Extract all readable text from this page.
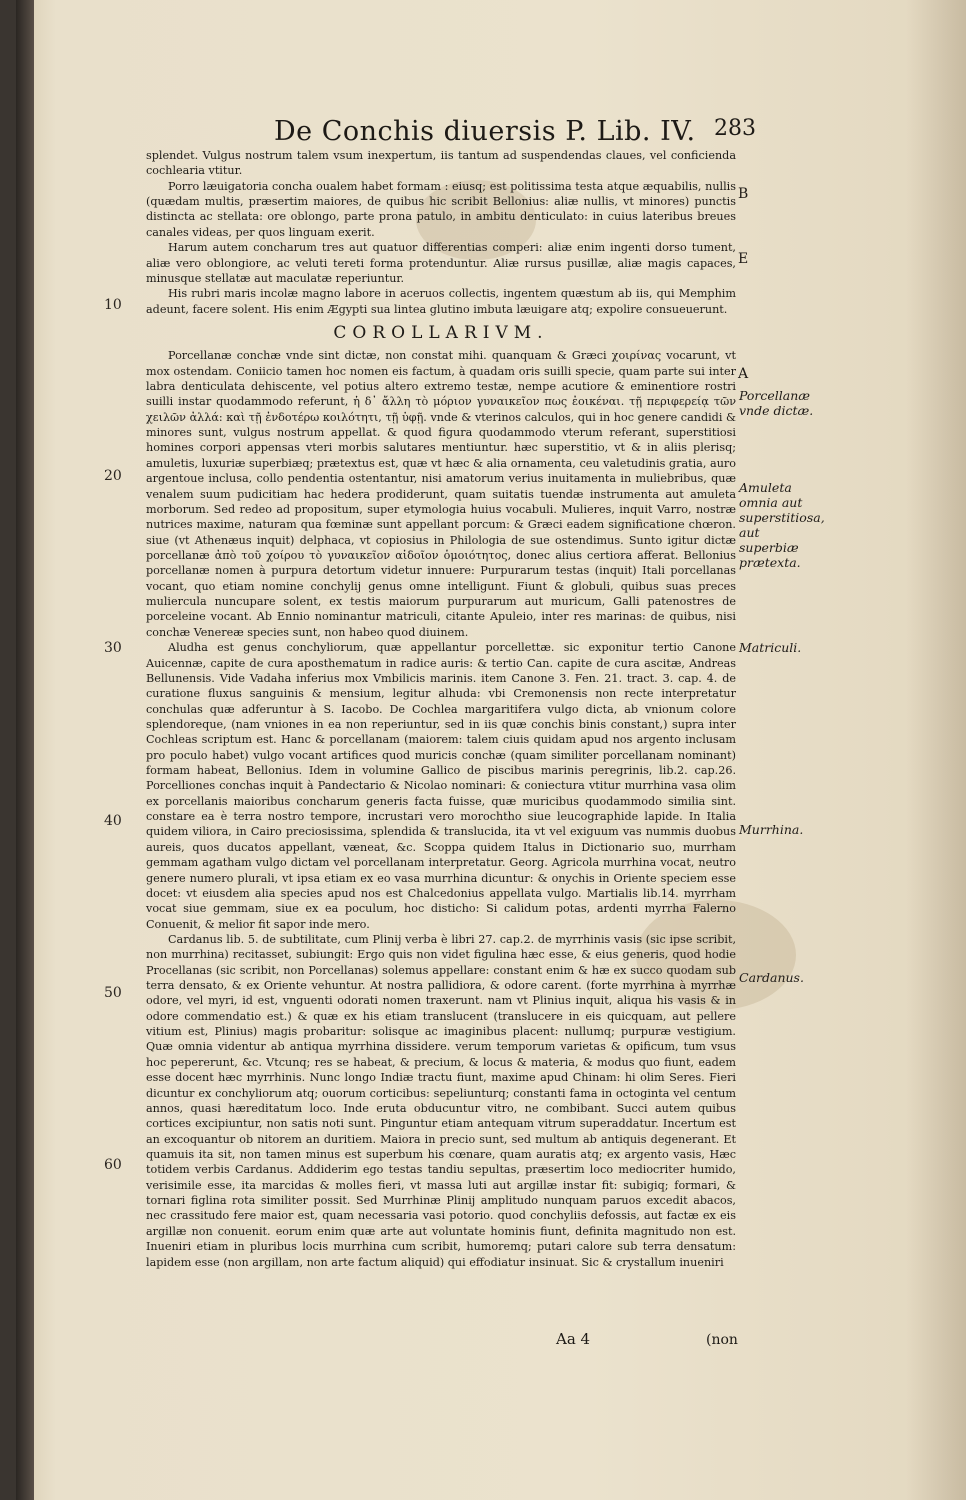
De Conchis diuersis P. Lib. IV. 283

splendet. Vulgus nostrum talem vsum inexpertum, iis tantum ad suspendendas claues, vel conficienda cochlearia vtitur.

Porro læuigatoria concha oualem habet formam : eiusq; est politissima testa atque æquabilis, nullis (quædam multis, præsertim maiores, de quibus hic scribit Bellonius: aliæ nullis, vt minores) punctis distincta ac stellata: ore oblongo, parte prona patulo, in ambitu denticulato: in cuius lateribus breues canales videas, per quos linguam exerit.

Harum autem concharum tres aut quatuor differentias comperi: aliæ enim ingenti dorso tument, aliæ vero oblongiore, ac veluti tereti forma protenduntur. Aliæ rursus pusillæ, aliæ magis capaces, minusque stellatæ aut maculatæ reperiuntur.

His rubri maris incolæ magno labore in aceruos collectis, ingentem quæstum ab iis, qui Memphim adeunt, facere solent. His enim Ægypti sua lintea glutino imbuta læuigare atq; expolire consueuerunt.

COROLLARIVM.

Porcellanæ conchæ vnde sint dictæ, non constat mihi. quanquam & Græci χοιρίνας vocarunt, vt mox ostendam. Coniicio tamen hoc nomen eis factum, à quadam oris suilli specie, quam parte sui inter labra denticulata dehiscente, vel potius altero extremo testæ, nempe acutiore & eminentiore rostri suilli instar quodammodo referunt, ἡ δ᾽ ἄλλη τὸ μόριον γυναικεῖον πως ἐοικέναι. τῇ περιφερείᾳ τῶν χειλῶν ἀλλά: καὶ τῇ ἐνδοτέρω κοιλότητι, τῇ ὑφῇ. vnde & vterinos calculos, qui in hoc genere candidi & minores sunt, vulgus nostrum appellat. & quod figura quodammodo vterum referant, superstitiosi homines corpori appensas vteri morbis salutares mentiuntur. hæc superstitio, vt & in aliis plerisq; amuletis, luxuriæ superbiæq; prætextus est, quæ vt hæc & alia ornamenta, ceu valetudinis gratia, auro argentoue inclusa, collo pendentia ostentantur, nisi amatorum verius inuitamenta in muliebribus, quæ venalem suum pudicitiam hac hedera prodiderunt, quam suitatis tuendæ instrumenta aut amuleta morborum. Sed redeo ad propositum, super etymologia huius vocabuli. Mulieres, inquit Varro, nostræ nutrices maxime, naturam qua fœminæ sunt appellant porcum: & Græci eadem significatione chœron. siue (vt Athenæus inquit) delphaca, vt copiosius in Philologia de sue ostendimus. Sunto igitur dictæ porcellanæ ἀπὸ τοῦ χοίρου τὸ γυναικεῖον αἰδοῖον ὁμοιότητος, donec alius certiora afferat. Bellonius porcellanæ nomen à purpura detortum videtur innuere: Purpurarum testas (inquit) Itali porcellanas vocant, quo etiam nomine conchylij genus omne intelligunt. Fiunt & globuli, quibus suas preces muliercula nuncupare solent, ex testis maiorum purpurarum aut muricum, Galli patenostres de porceleine vocant. Ab Ennio nominantur matriculi, citante Apuleio, inter res marinas: de quibus, nisi conchæ Venereæ species sunt, non habeo quod diuinem.

Aludha est genus conchyliorum, quæ appellantur porcellettæ. sic exponitur tertio Canone Auicennæ, capite de cura aposthematum in radice auris: & tertio Can. capite de cura ascitæ, Andreas Bellunensis. Vide Vadaha inferius mox Vmbilicis marinis. item Canone 3. Fen. 21. tract. 3. cap. 4. de curatione fluxus sanguinis & mensium, legitur alhuda: vbi Cremonensis non recte interpretatur conchulas quæ adferuntur à S. Iacobo. De Cochlea margaritifera vulgo dicta, ab vnionum colore splendoreque, (nam vniones in ea non reperiuntur, sed in iis quæ conchis binis constant,) supra inter Cochleas scriptum est. Hanc & porcellanam (maiorem: talem ciuis quidam apud nos argento inclusam pro poculo habet) vulgo vocant artifices quod muricis conchæ (quam similiter porcellanam nominant) formam habeat, Bellonius. Idem in volumine Gallico de piscibus marinis peregrinis, lib.2. cap.26. Porcelliones conchas inquit à Pandectario & Nicolao nominari: & coniectura vtitur murrhina vasa olim ex porcellanis maioribus concharum generis facta fuisse, quæ muricibus quodammodo similia sint. constare ea è terra nostro tempore, incrustari vero morochtho siue leucographide lapide. In Italia quidem viliora, in Cairo preciosissima, splendida & translucida, ita vt vel exiguum vas nummis duobus aureis, quos ducatos appellant, væneat, &c. Scoppa quidem Italus in Dictionario suo, murrham gemmam agatham vulgo dictam vel porcellanam interpretatur. Georg. Agricola murrhina vocat, neutro genere numero plurali, vt ipsa etiam ex eo vasa murrhina dicuntur: & onychis in Oriente speciem esse docet: vt eiusdem alia species apud nos est Chalcedonius appellata vulgo. Martialis lib.14. myrrham vocat siue gemmam, siue ex ea poculum, hoc disticho: Si calidum potas, ardenti myrrha Falerno Conuenit, & melior fit sapor inde mero.

Cardanus lib. 5. de subtilitate, cum Plinij verba è libri 27. cap.2. de myrrhinis vasis (sic ipse scribit, non murrhina) recitasset, subiungit: Ergo quis non videt figulina hæc esse, & eius generis, quod hodie Procellanas (sic scribit, non Porcellanas) solemus appellare: constant enim & hæ ex succo quodam sub terra densato, & ex Oriente vehuntur. At nostra pallidiora, & odore carent. (forte myrrhina à myrrhæ odore, vel myri, id est, vnguenti odorati nomen traxerunt. nam vt Plinius inquit, aliqua his vasis & in odore commendatio est.) & quæ ex his etiam translucent (translucere in eis quicquam, aut pellere vitium est, Plinius) magis probaritur: solisque ac imaginibus placent: nullumq; purpuræ vestigium. Quæ omnia videntur ab antiqua myrrhina dissidere. verum temporum varietas & opificum, tum vsus hoc pepererunt, &c. Vtcunq; res se habeat, & precium, & locus & materia, & modus quo fiunt, eadem esse docent hæc myrrhinis. Nunc longo Indiæ tractu fiunt, maxime apud Chinam: hi olim Seres. Fieri dicuntur ex conchyliorum atq; ouorum corticibus: sepeliunturq; constanti fama in octoginta vel centum annos, quasi hæreditatum loco. Inde eruta obducuntur vitro, ne combibant. Succi autem quibus cortices excipiuntur, non satis noti sunt. Pinguntur etiam antequam vitrum superaddatur. Incertum est an excoquantur ob nitorem an duritiem. Maiora in precio sunt, sed multum ab antiquis degenerant. Et quamuis ita sit, non tamen minus est superbum his cœnare, quam auratis atq; ex argento vasis, Hæc totidem verbis Cardanus. Addiderim ego testas tandiu sepultas, præsertim loco mediocriter humido, verisimile esse, ita marcidas & molles fieri, vt massa luti aut argillæ instar fit: subigiq; formari, & tornari figlina rota similiter possit. Sed Murrhinæ Plinij amplitudo nunquam paruos excedit abacos, nec crassitudo fere maior est, quam necessaria vasi potorio. quod conchyliis defossis, aut factæ ex eis argillæ non conuenit. eorum enim quæ arte aut voluntate hominis fiunt, definita magnitudo non est. Inueniri etiam in pluribus locis murrhina cum scribit, humoremq; putari calore sub terra densatum: lapidem esse (non argillam, non arte factum aliquid) qui effodiatur insinuat. Sic & crystallum inueniri

10
20
30
40
50
60
B
E
A
Porcellanæ vnde dictæ.
Amuleta omnia aut superstitiosa, aut superbiæ prætexta.
Matriculi.
Murrhina.
Cardanus.
Aa 4	(non
